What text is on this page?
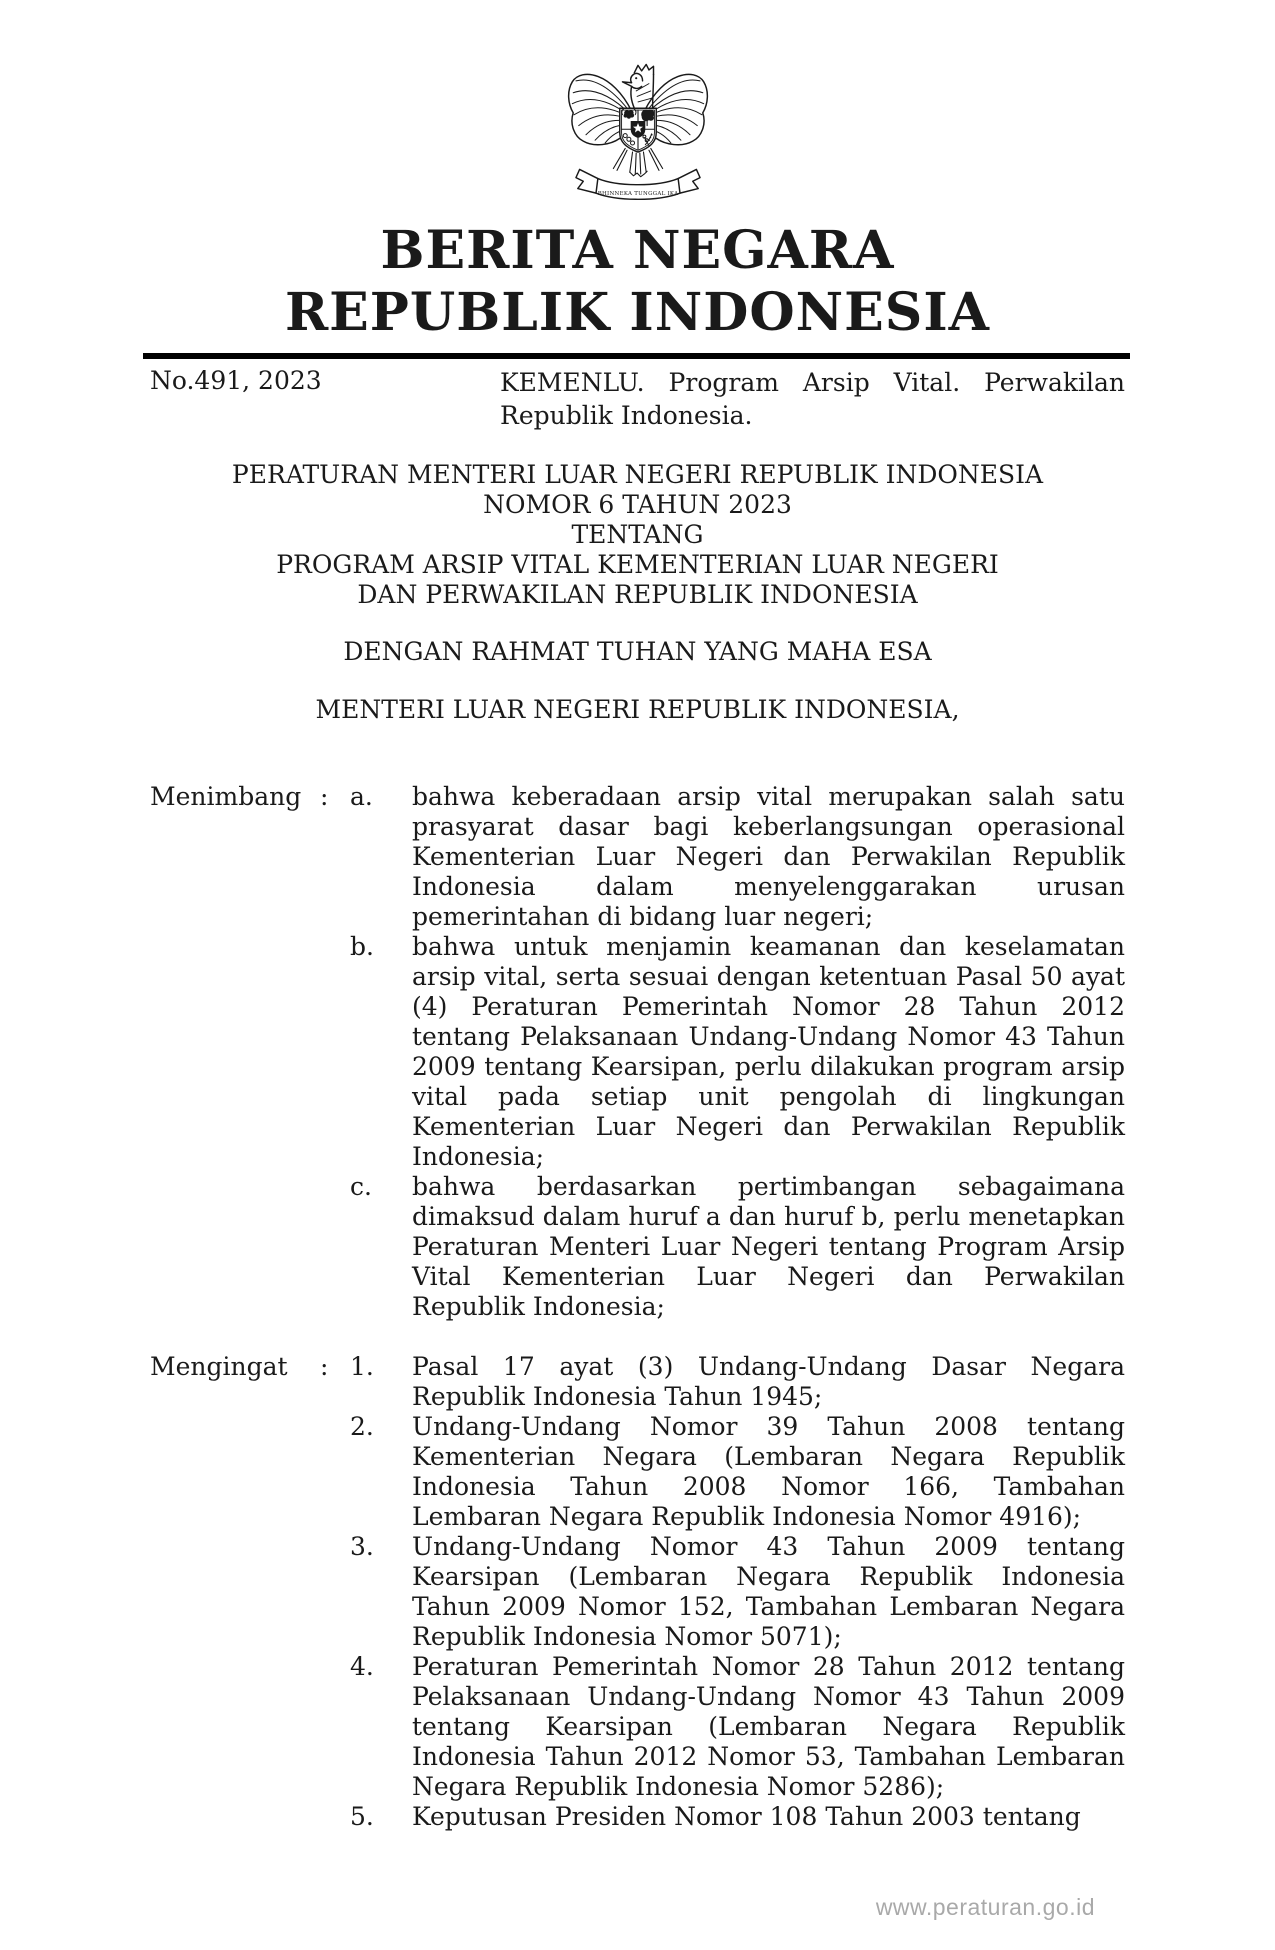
BHINNEKA TUNGGAL IKA
BERITA NEGARA
REPUBLIK INDONESIA
No.491, 2023	KEMENLU. Program Arsip Vital. Perwakilan Republik Indonesia.
PERATURAN MENTERI LUAR NEGERI REPUBLIK INDONESIA
NOMOR 6 TAHUN 2023
TENTANG
PROGRAM ARSIP VITAL KEMENTERIAN LUAR NEGERI
DAN PERWAKILAN REPUBLIK INDONESIA
DENGAN RAHMAT TUHAN YANG MAHA ESA
MENTERI LUAR NEGERI REPUBLIK INDONESIA,
Menimbang : a.	bahwa keberadaan arsip vital merupakan salah satu prasyarat dasar bagi keberlangsungan operasional Kementerian Luar Negeri dan Perwakilan Republik Indonesia dalam menyelenggarakan urusan pemerintahan di bidang luar negeri;
b.	bahwa untuk menjamin keamanan dan keselamatan arsip vital, serta sesuai dengan ketentuan Pasal 50 ayat (4) Peraturan Pemerintah Nomor 28 Tahun 2012 tentang Pelaksanaan Undang-Undang Nomor 43 Tahun 2009 tentang Kearsipan, perlu dilakukan program arsip vital pada setiap unit pengolah di lingkungan Kementerian Luar Negeri dan Perwakilan Republik Indonesia;
c.	bahwa berdasarkan pertimbangan sebagaimana dimaksud dalam huruf a dan huruf b, perlu menetapkan Peraturan Menteri Luar Negeri tentang Program Arsip Vital Kementerian Luar Negeri dan Perwakilan Republik Indonesia;
Mengingat	: 1.	Pasal 17 ayat (3) Undang-Undang Dasar Negara Republik Indonesia Tahun 1945;
2.	Undang-Undang Nomor 39 Tahun 2008 tentang Kementerian Negara (Lembaran Negara Republik Indonesia Tahun 2008 Nomor 166, Tambahan Lembaran Negara Republik Indonesia Nomor 4916);
3.	Undang-Undang Nomor 43 Tahun 2009 tentang Kearsipan (Lembaran Negara Republik Indonesia Tahun 2009 Nomor 152, Tambahan Lembaran Negara Republik Indonesia Nomor 5071);
4.	Peraturan Pemerintah Nomor 28 Tahun 2012 tentang Pelaksanaan Undang-Undang Nomor 43 Tahun 2009 tentang Kearsipan (Lembaran Negara Republik Indonesia Tahun 2012 Nomor 53, Tambahan Lembaran Negara Republik Indonesia Nomor 5286);
5.	Keputusan Presiden Nomor 108 Tahun 2003 tentang
www.peraturan.go.id
